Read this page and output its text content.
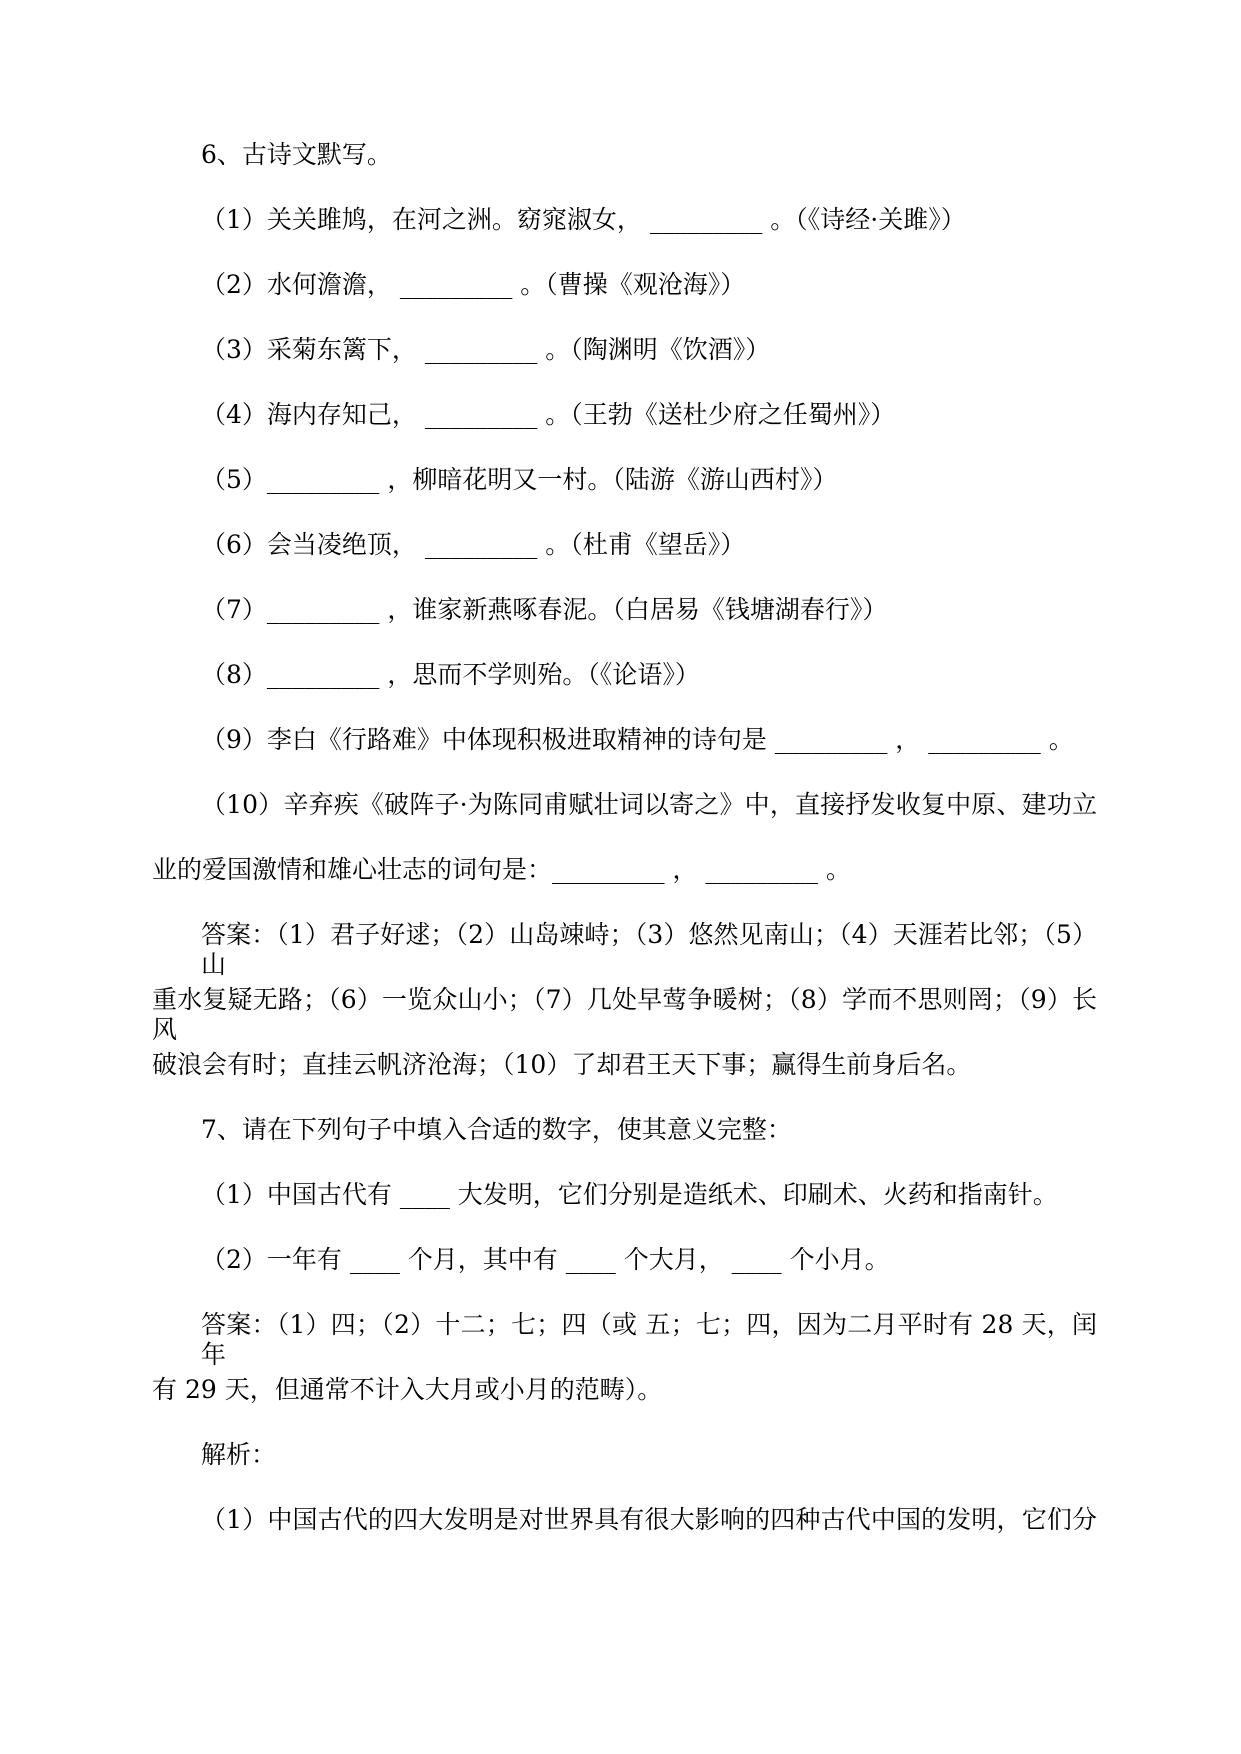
6、古诗文默写。
（1）关关雎鸠，在河之洲。窈窕淑女， _________ 。（《诗经·关雎》）
（2）水何澹澹， _________ 。（曹操《观沧海》）
（3）采菊东篱下， _________ 。（陶渊明《饮酒》）
（4）海内存知己， _________ 。（王勃《送杜少府之任蜀州》）
（5）_________ ，柳暗花明又一村。（陆游《游山西村》）
（6）会当凌绝顶， _________ 。（杜甫《望岳》）
（7）_________ ，谁家新燕啄春泥。（白居易《钱塘湖春行》）
（8）_________ ，思而不学则殆。（《论语》）
（9）李白《行路难》中体现积极进取精神的诗句是 _________ ， _________ 。
（10）辛弃疾《破阵子·为陈同甫赋壮词以寄之》中，直接抒发收复中原、建功立
业的爱国激情和雄心壮志的词句是：_________ ， _________ 。
答案：（1）君子好逑；（2）山岛竦峙；（3）悠然见南山；（4）天涯若比邻；（5）山
重水复疑无路；（6）一览众山小；（7）几处早莺争暖树；（8）学而不思则罔；（9）长风
破浪会有时；直挂云帆济沧海；（10）了却君王天下事；赢得生前身后名。
7、请在下列句子中填入合适的数字，使其意义完整：
（1）中国古代有 ____ 大发明，它们分别是造纸术、印刷术、火药和指南针。
（2）一年有 ____ 个月，其中有 ____ 个大月， ____ 个小月。
答案：（1）四；（2）十二；七；四（或 五；七；四，因为二月平时有 28 天，闰年
有 29 天，但通常不计入大月或小月的范畴）。
解析：
（1）中国古代的四大发明是对世界具有很大影响的四种古代中国的发明，它们分
